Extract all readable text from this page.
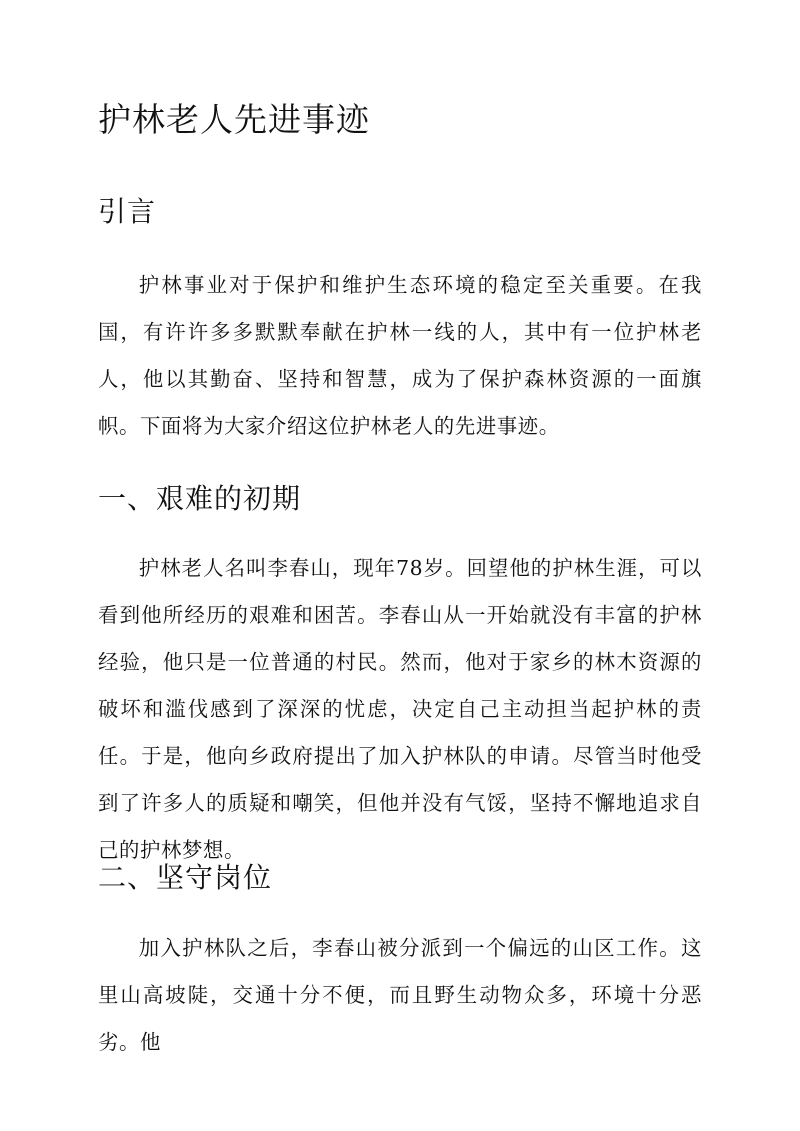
护林老人先进事迹
引言

护林事业对于保护和维护生态环境的稳定至关重要。在我国，有许许多多默默奉献在护林一线的人，其中有一位护林老人，他以其勤奋、坚持和智慧，成为了保护森林资源的一面旗帜。下面将为大家介绍这位护林老人的先进事迹。

一、艰难的初期

护林老人名叫李春山，现年78岁。回望他的护林生涯，可以看到他所经历的艰难和困苦。李春山从一开始就没有丰富的护林经验，他只是一位普通的村民。然而，他对于家乡的林木资源的破坏和滥伐感到了深深的忧虑，决定自己主动担当起护林的责任。于是，他向乡政府提出了加入护林队的申请。尽管当时他受到了许多人的质疑和嘲笑，但他并没有气馁，坚持不懈地追求自己的护林梦想。

二、坚守岗位

加入护林队之后，李春山被分派到一个偏远的山区工作。这里山高坡陡，交通十分不便，而且野生动物众多，环境十分恶劣。他
